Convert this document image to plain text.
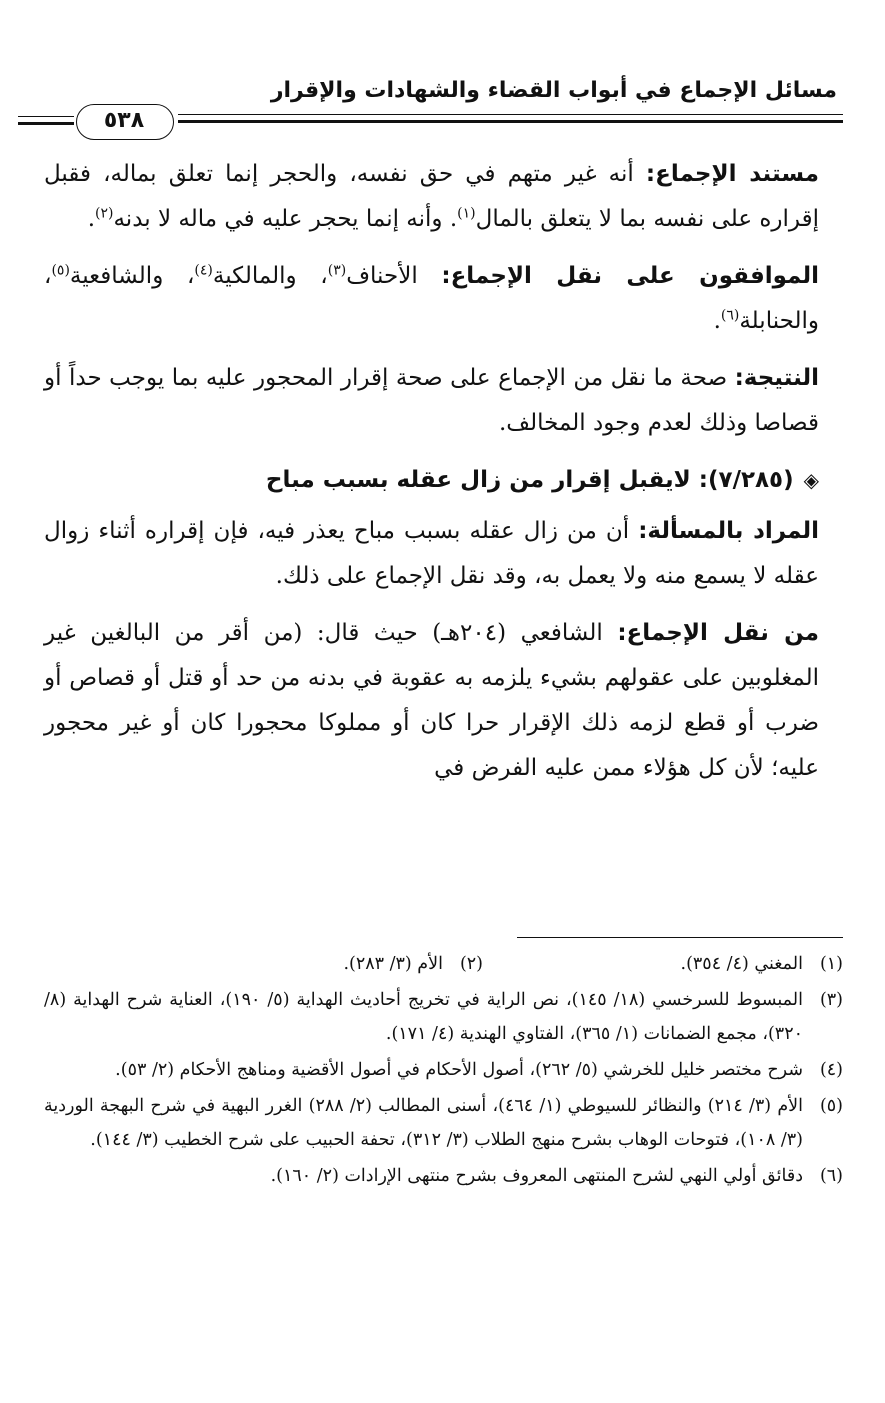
مسائل الإجماع في أبواب القضاء والشهادات والإقرار
٥٣٨

مستند الإجماع: أنه غير متهم في حق نفسه، والحجر إنما تعلق بماله، فقبل إقراره على نفسه بما لا يتعلق بالمال$^{(١)}$. وأنه إنما يحجر عليه في ماله لا بدنه$^{(٢)}$.

الموافقون على نقل الإجماع: الأحناف$^{(٣)}$، والمالكية$^{(٤)}$، والشافعية$^{(٥)}$، والحنابلة$^{(٦)}$.

النتيجة: صحة ما نقل من الإجماع على صحة إقرار المحجور عليه بما يوجب حداً أو قصاصا وذلك لعدم وجود المخالف.

◈(٧/٢٨٥): لايقبل إقرار من زال عقله بسبب مباح

المراد بالمسألة: أن من زال عقله بسبب مباح يعذر فيه، فإن إقراره أثناء زوال عقله لا يسمع منه ولا يعمل به، وقد نقل الإجماع على ذلك.

من نقل الإجماع: الشافعي (٢٠٤هـ) حيث قال: (من أقر من البالغين غير المغلوبين على عقولهم بشيء يلزمه به عقوبة في بدنه من حد أو قتل أو قصاص أو ضرب أو قطع لزمه ذلك الإقرار حرا كان أو مملوكا محجورا كان أو غير محجور عليه؛ لأن كل هؤلاء ممن عليه الفرض في

(١)
المغني (٤/ ٣٥٤).
(٢)
الأم (٣/ ٢٨٣).
(٣)
المبسوط للسرخسي (١٨/ ١٤٥)، نص الراية في تخريج أحاديث الهداية (٥/ ١٩٠)، العناية شرح الهداية (٨/ ٣٢٠)، مجمع الضمانات (١/ ٣٦٥)، الفتاوي الهندية (٤/ ١٧١).
(٤)
شرح مختصر خليل للخرشي (٥/ ٢٦٢)، أصول الأحكام في أصول الأقضية ومناهج الأحكام (٢/ ٥٣).
(٥)
الأم (٣/ ٢١٤) والنظائر للسيوطي (١/ ٤٦٤)، أسنى المطالب (٢/ ٢٨٨) الغرر البهية في شرح البهجة الوردية (٣/ ١٠٨)، فتوحات الوهاب بشرح منهج الطلاب (٣/ ٣١٢)، تحفة الحبيب على شرح الخطيب (٣/ ١٤٤).
(٦)
دقائق أولي النهي لشرح المنتهى المعروف بشرح منتهى الإرادات (٢/ ١٦٠).
